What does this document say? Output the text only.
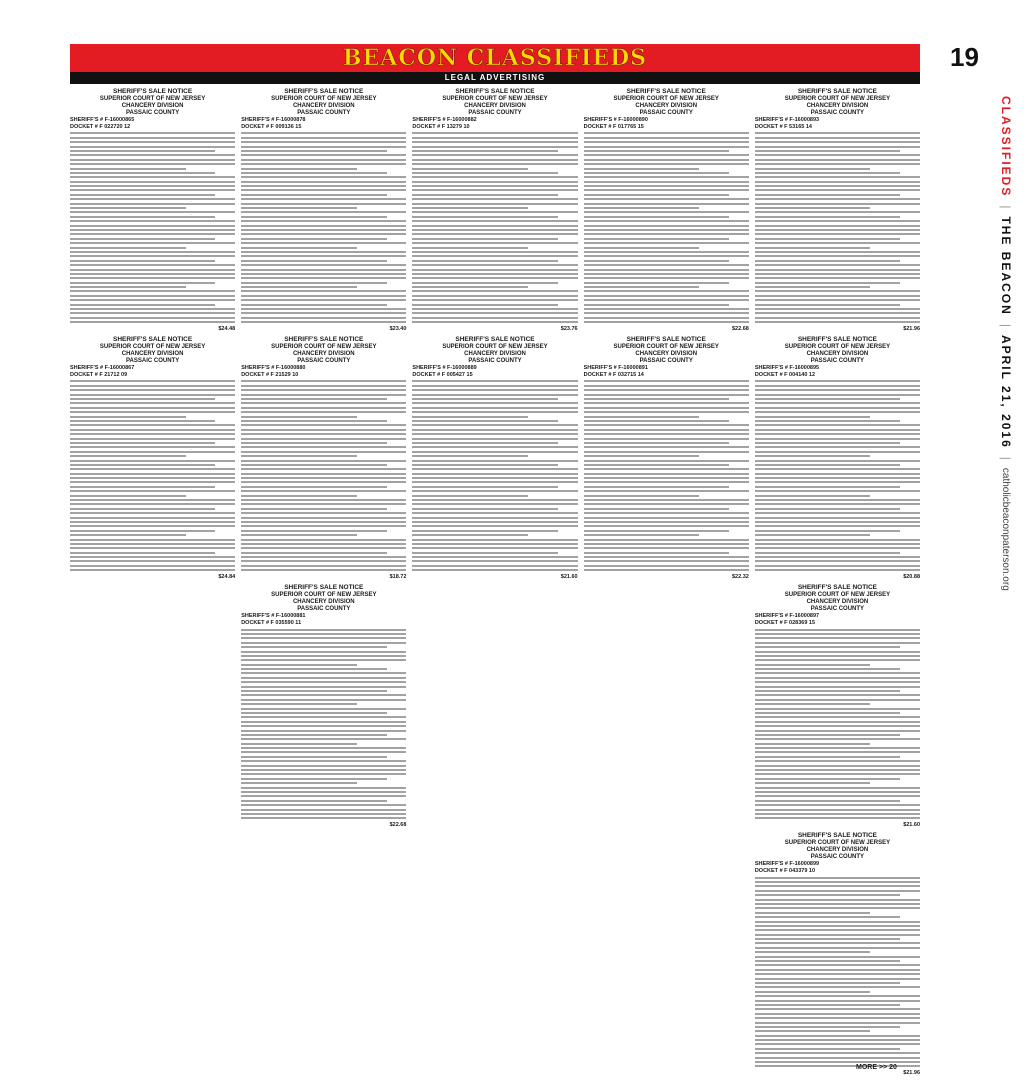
BEACON CLASSIFIEDS
LEGAL ADVERTISING
19
CLASSIFIEDS
|
THE BEACON
|
APRIL 21, 2016
|
catholicbeaconpaterson.org
SHERIFF'S SALE NOTICE
SUPERIOR COURT OF NEW JERSEY
CHANCERY DIVISION
PASSAIC COUNTY
SHERIFF'S # F-16000865
DOCKET # F 022720 12
$24.48
SHERIFF'S SALE NOTICE
SUPERIOR COURT OF NEW JERSEY
CHANCERY DIVISION
PASSAIC COUNTY
SHERIFF'S # F-16000867
DOCKET # F 21712 09
$24.84
SHERIFF'S SALE NOTICE
SUPERIOR COURT OF NEW JERSEY
CHANCERY DIVISION
PASSAIC COUNTY
SHERIFF'S # F-16000878
DOCKET # F 009136 15
$23.40
SHERIFF'S SALE NOTICE
SUPERIOR COURT OF NEW JERSEY
CHANCERY DIVISION
PASSAIC COUNTY
SHERIFF'S # F-16000880
DOCKET # F 21529 10
$18.72
SHERIFF'S SALE NOTICE
SUPERIOR COURT OF NEW JERSEY
CHANCERY DIVISION
PASSAIC COUNTY
SHERIFF'S # F-16000881
DOCKET # F 035590 11
$22.68
SHERIFF'S SALE NOTICE
SUPERIOR COURT OF NEW JERSEY
CHANCERY DIVISION
PASSAIC COUNTY
SHERIFF'S # F-16000882
DOCKET # F 13279 10
$23.76
SHERIFF'S SALE NOTICE
SUPERIOR COURT OF NEW JERSEY
CHANCERY DIVISION
PASSAIC COUNTY
SHERIFF'S # F-16000889
DOCKET # F 005427 15
$21.60
SHERIFF'S SALE NOTICE
SUPERIOR COURT OF NEW JERSEY
CHANCERY DIVISION
PASSAIC COUNTY
SHERIFF'S # F-16000890
DOCKET # F 017765 15
$22.68
SHERIFF'S SALE NOTICE
SUPERIOR COURT OF NEW JERSEY
CHANCERY DIVISION
PASSAIC COUNTY
SHERIFF'S # F-16000891
DOCKET # F 032715 14
$22.32
SHERIFF'S SALE NOTICE
SUPERIOR COURT OF NEW JERSEY
CHANCERY DIVISION
PASSAIC COUNTY
SHERIFF'S # F-16000893
DOCKET # F 53165 14
$21.96
SHERIFF'S SALE NOTICE
SUPERIOR COURT OF NEW JERSEY
CHANCERY DIVISION
PASSAIC COUNTY
SHERIFF'S # F-16000895
DOCKET # F 004140 12
$20.88
SHERIFF'S SALE NOTICE
SUPERIOR COURT OF NEW JERSEY
CHANCERY DIVISION
PASSAIC COUNTY
SHERIFF'S # F-16000897
DOCKET # F 028369 15
$21.60
SHERIFF'S SALE NOTICE
SUPERIOR COURT OF NEW JERSEY
CHANCERY DIVISION
PASSAIC COUNTY
SHERIFF'S # F-16000899
DOCKET # F 043379 10
$21.96
MORE >> 20
